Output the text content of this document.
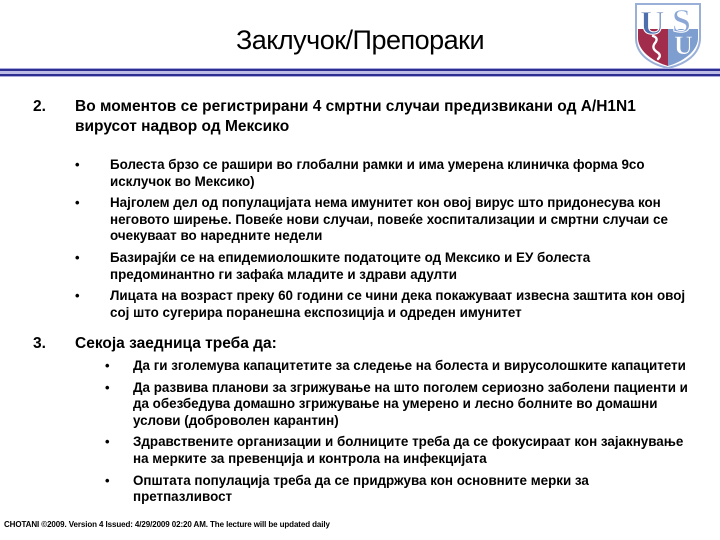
Заклучок/Препораки	U S
U
2.	Во моментов се регистрирани 4 смртни случаи предизвикани од А/H1N1 вирусот надвор од Мексико
•	Болеста брзо се рашири во глобални рамки и има умерена клиничка форма 9со исклучок во Мексико)
•	Најголем дел од популацијата нема имунитет кон овој вирус што придонесува кон неговото ширење. Повеќе нови случаи, повеќе хоспитализации и смртни случаи се очекуваат во наредните недели
•	Базирајќи се на епидемиолошките податоците од Мексико и ЕУ болеста предоминантно ги зафаќа младите и здрави адулти
•	Лицата на возраст преку 60 години се чини дека покажуваат извесна заштита кон овој сој што сугерира поранешна експозиција и одреден имунитет
3.	Секоја заедница треба да:
•	Да ги зголемува капацитетите за следење на болеста и вирусолошките капацитети
•	Да развива планови за згрижување на што поголем сериозно заболени пациенти и да обезбедува домашно згрижување на умерено и лесно болните во домашни услови (доброволен карантин)
•	Здравствените организации и болниците треба да се фокусираат кон зајакнување на мерките за превенција и контрола на инфекцијата
•	Општата популација треба да се придржува кон основните мерки за претпазливост
CHOTANI ©2009. Version 4 Issued: 4/29/2009 02:20 AM. The lecture will be updated daily
